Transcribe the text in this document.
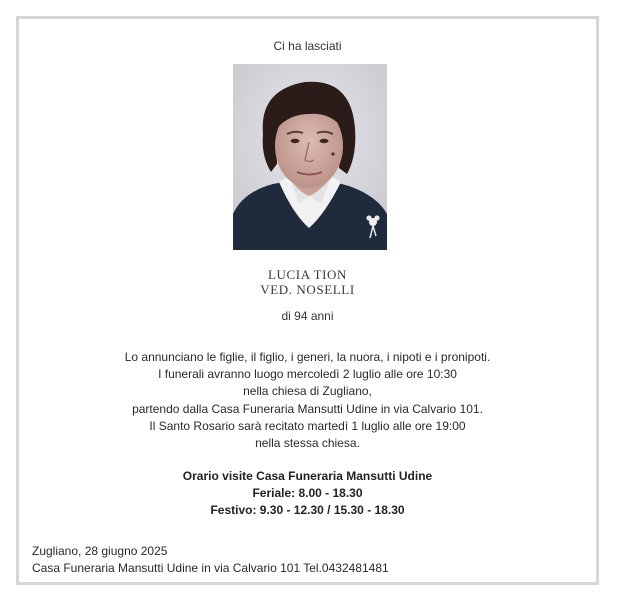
Ci ha lasciati
LUCIA TION
VED. NOSELLI
di 94 anni
Lo annunciano le figlie, il figlio, i generi, la nuora, i nipoti e i pronipoti.
I funerali avranno luogo mercoledì 2 luglio alle ore 10:30
nella chiesa di Zugliano,
partendo dalla Casa Funeraria Mansutti Udine in via Calvario 101.
Il Santo Rosario sarà recitato martedì 1 luglio alle ore 19:00
nella stessa chiesa.
Orario visite Casa Funeraria Mansutti Udine
Feriale: 8.00 - 18.30
Festivo: 9.30 - 12.30 / 15.30 - 18.30
Zugliano, 28 giugno 2025
Casa Funeraria Mansutti Udine in via Calvario 101 Tel.0432481481
